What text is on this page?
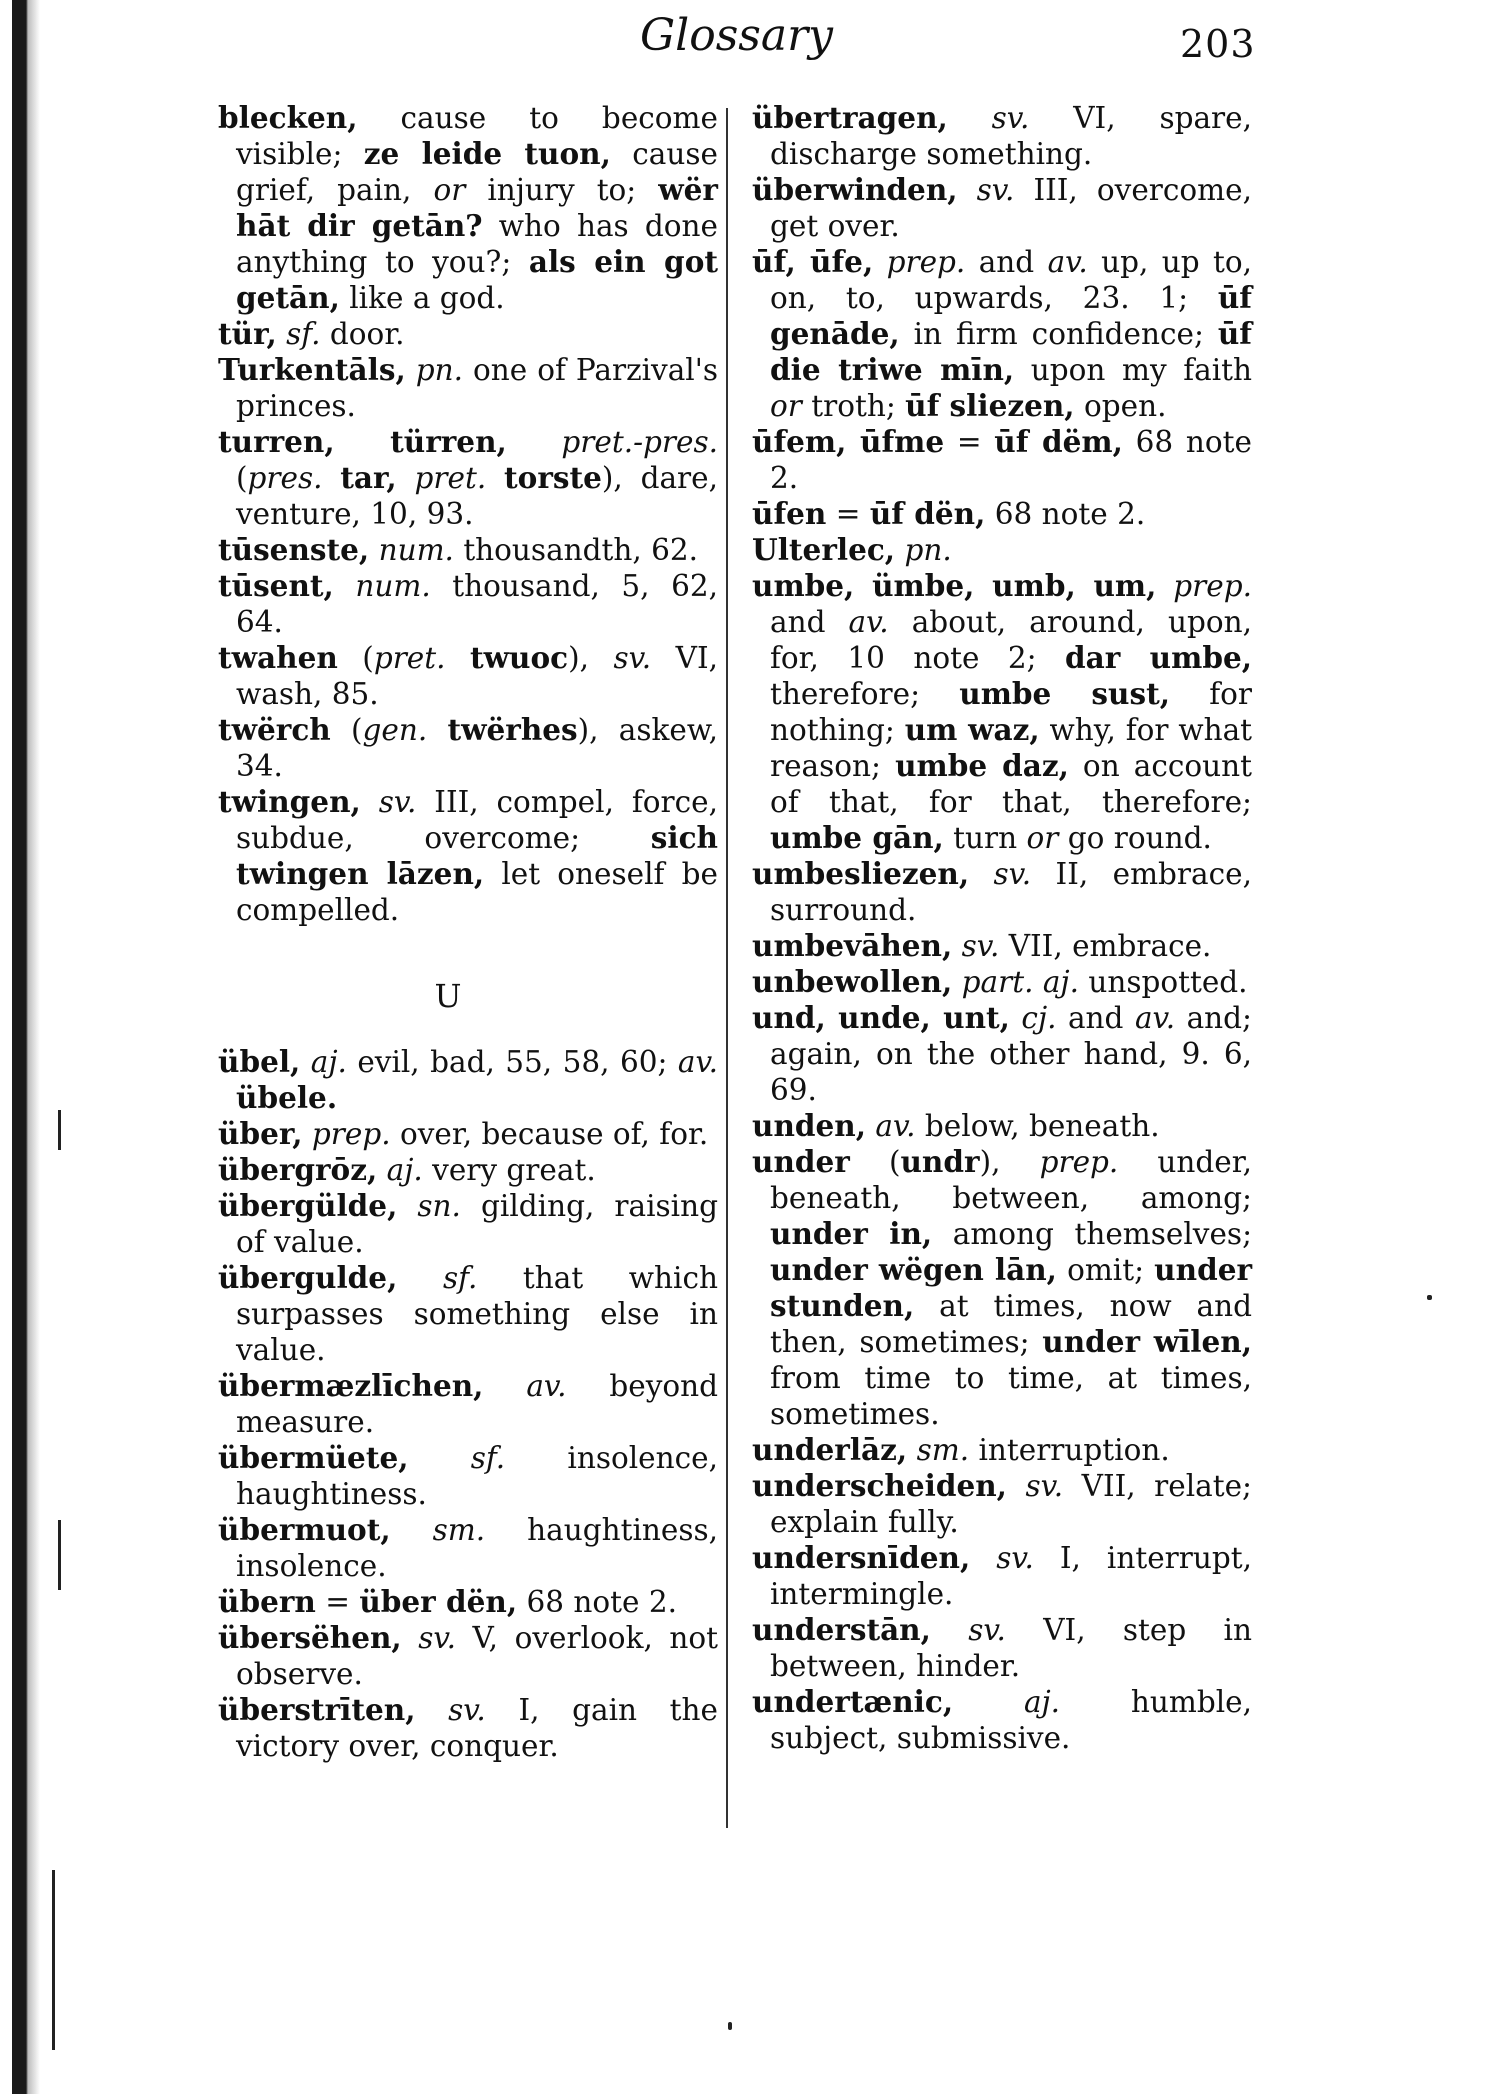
Glossary	203

blecken, cause to become visible; ze leide tuon, cause grief, pain, or injury to; wër hāt dir getān? who has done anything to you?; als ein got getān, like a god.

tür, sf. door.

Turkentāls, pn. one of Parzival's princes.

turren, türren, pret.-pres. (pres. tar, pret. torste), dare, venture, 10, 93.

tūsenste, num. thousandth, 62.

tūsent, num. thousand, 5, 62, 64.

twahen (pret. twuoc), sv. VI, wash, 85.

twërch (gen. twërhes), askew, 34.

twingen, sv. III, compel, force, subdue, overcome; sich twingen lāzen, let oneself be compelled.

U

übel, aj. evil, bad, 55, 58, 60; av. übele.

über, prep. over, because of, for.

übergrōz, aj. very great.

übergülde, sn. gilding, raising of value.

übergulde, sf. that which surpasses something else in value.

übermæzlīchen, av. beyond measure.

übermüete, sf. insolence, haughtiness.

übermuot, sm. haughtiness, insolence.

übern = über dën, 68 note 2.

übersëhen, sv. V, overlook, not observe.

überstrīten, sv. I, gain the victory over, conquer.

übertragen, sv. VI, spare, discharge something.

überwinden, sv. III, overcome, get over.

ūf, ūfe, prep. and av. up, up to, on, to, upwards, 23. 1; ūf genāde, in firm confidence; ūf die triwe mīn, upon my faith or troth; ūf sliezen, open.

ūfem, ūfme = ūf dëm, 68 note 2.

ūfen = ūf dën, 68 note 2.

Ulterlec, pn.

umbe, ümbe, umb, um, prep. and av. about, around, upon, for, 10 note 2; dar umbe, therefore; umbe sust, for nothing; um waz, why, for what reason; umbe daz, on account of that, for that, therefore; umbe gān, turn or go round.

umbesliezen, sv. II, embrace, surround.

umbevāhen, sv. VII, embrace.

unbewollen, part. aj. unspotted.

und, unde, unt, cj. and av. and; again, on the other hand, 9. 6, 69.

unden, av. below, beneath.

under (undr), prep. under, beneath, between, among; under in, among themselves; under wëgen lān, omit; under stunden, at times, now and then, sometimes; under wīlen, from time to time, at times, sometimes.

underlāz, sm. interruption.

underscheiden, sv. VII, relate; explain fully.

undersnīden, sv. I, interrupt, intermingle.

understān, sv. VI, step in between, hinder.

undertænic, aj. humble, subject, submissive.
